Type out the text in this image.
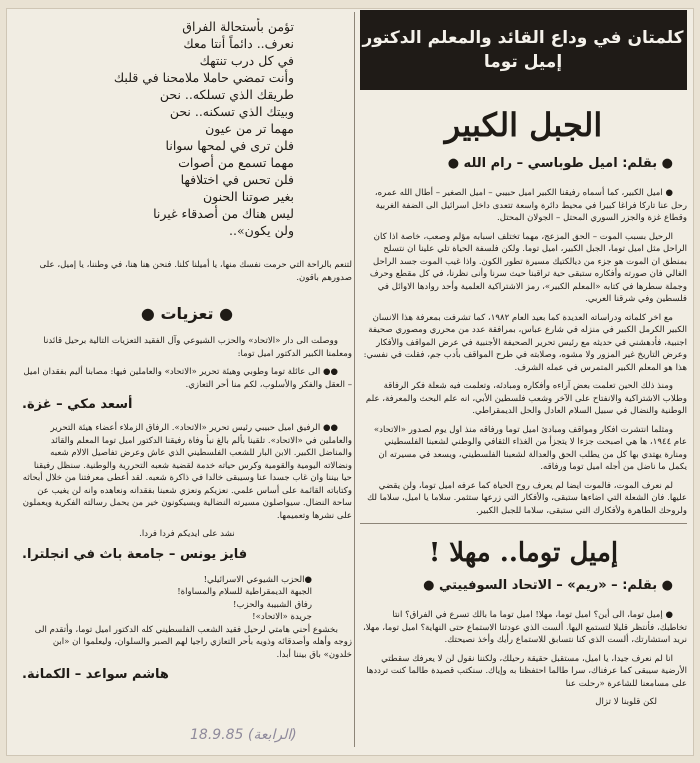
تؤمن بأستحالة الفراق
نعرف.. دائماً أنتا معك
في كل درب تنتهك
وأنت تمضي حاملا ملامحنا في قلبك
طريقك الذي تسلكه.. نحن
وبيتك الذي تسكنه.. نحن
مهما تر من عيون
فلن ترى في لمحها سوانا
مهما تسمع من أصوات
فلن تحس في اختلافها
بغير صوتنا الحنون
ليس هناك من أصدقاء غيرنا
ولن يكون»..

لتنعم بالراحة التي حرمت نفسك منها، يا أميلنا كلنا. فنحن هنا هنا، في وطننا، يا إميل، على صدورهم باقون.

● تعزيات ●

ووصلت الى دار «الاتحاد» والحزب الشيوعي وآل الفقيد التعزيات التالية برحيل قائدنا ومعلمنا الكبير الدكتور اميل توما:

●● الى عائلة توما وطوبي وهيئة تحرير «الاتحاد» والعاملين فيها: مصابنا أليم بفقدان اميل – العقل والفكر والأسلوب، لكم منا أحر التعازي.

أسعد مكي – غزة.

●● الرفيق اميل حبيبي رئيس تحرير «الاتحاد». الرفاق الزملاء أعضاء هيئة التحرير والعاملين في «الاتحاد». تلقينا بألم بالغ نبأ وفاة رفيقنا الدكتور اميل توما المعلم والقائد والمناضل الكبير. الابن البار للشعب الفلسطيني الذي عاش وعرض تفاصيل الالام شعبه ونضالاته اليومية والقومية وكرس حياته خدمة لقضية شعبه التحررية والوطنية. سنظل رفيقنا حيا بيننا وان غاب جسدا عنا وسيبقى خالدا في ذاكرة شعبه. لقد أعطى معرفتنا من خلال أبحاثه وكتاباته القائمة على أساس علمي. نعزيكم ونعزي شعبنا بفقدانه ونعاهده وانه لن يغيب عن ساحة النضال. سيواصلون مسيرته النضالية ويسيكونون خير من يحمل رسالته الفكرية ويعملون على نشرها وتعميمها.

نشد على ايديكم فردا فردا.

فايز يونس – جامعة باث في انجلترا.
●الحزب الشيوعي الاسرائيلي!
الجبهة الديمقراطية للسلام والمساواة!
رفاق الشبيبة والحزب!
جريدة «الاتحاد»!

بخشوع أحني هامتي لرحيل فقيد الشعب الفلسطيني كله الدكتور اميل توما، وأتقدم الى زوجه وأهله وأصدقائه وذويه بأحر التعازي راجيا لهم الصبر والسلوان، وليعلموا ان «ابن خلدون» باق بيننا أبدا.

هاشم سواعد – الكمانة.
(الرابعة) 18.9.85
كلمتان في وداع القائد والمعلم الدكتور
إميل توما
الجبل الكبير
● بقلم: اميل طوباسي – رام الله ●

● اميل الكبير، كما أسماه رفيقنا الكبير اميل حبيبي – اميل الصغير – أطال الله عمره، رحل عنا تاركا فراغا كبيرا في محيط دائرة واسعة تتعدى داخل اسرائيل الى الضفة الغربية وقطاع غزة والجزر السوري المحتل – الجولان المحتل.

الرحيل بسبب الموت – الحق المزعج، مهما تختلف اسبابه مؤلم وصعب، خاصة اذا كان الراحل مثل اميل توما، الجبل الكبير، اميل توما. ولكن فلسفة الحياة تلي علينا ان نتسلح بمنطق ان الموت هو جزء من ديالكتيك مسيرة تطور الكون. واذا غيب الموت جسد الراحل الغالي فان صورته وأفكاره ستبقى حية تراقبنا حيث سرنا وأنى نظرنا، في كل مقطع وحرف وجملة سطرها في كتابه «المعلم الكبير»، رمز الاشتراكية العلمية وأحد روادها الاوائل في فلسطين وفي شرقنا العربي.

مع اخر كلماته ودراساته العديدة كما بعيد العام ١٩٨٢، كما تشرفت بمعرفة هذا الانسان الكبير الكرمل الكبير في منزله في شارع عباس، بمرافقة عدد من محرري ومصوري صحيفة اجنبية، فأدهشني في حديثه مع رئيس تحرير الصحيفة الأجنبية في عرض المواقف والأفكار وعرض التاريخ غير المزور ولا مشوه، وصلابته في طرح المواقف بأدب جم، فقلت في نفسي: هذا هو المعلم الكبير المتمرس في عمله الشرف.

ومنذ ذلك الحين تعلمت بعض آراءه وأفكاره ومبادئه، وتعلمت فيه شعلة فكر الرفاقة وطلاب الاشتراكية والانفتاح على الآخر وشعب فلسطين الأبي، انه علم البحث والمعرفة، علم الوطنية والنضال في سبيل السلام العادل والحل الديمقراطي.

ومثلما انتشرت افكار ومواقف ومبادئ اميل توما ورفاقه منذ اول يوم لصدور «الاتحاد» عام ١٩٤٤، ها هي اصبحت جزءا لا يتجزأ من الغذاء الثقافي والوطني لشعبنا الفلسطيني ومنارة يهتدي بها كل من يطلب الحق والعدالة لشعبنا الفلسطيني، ويسعد في مسيرته ان يكمل ما ناضل من أجله اميل توما ورفاقه.

لم نعرف الموت، فالموت ايضا لم يعرف روح الحياة كما عرفه اميل توما، ولن يقضي عليها. فان الشعلة التي اضاءها ستبقى، والأفكار التي زرعها ستثمر. سلاما يا اميل، سلاما لك ولروحك الطاهرة ولأفكارك التي ستبقى، سلاما للجبل الكبير.

إميل توما.. مهلا !
● بقلم: – «ريم» – الاتحاد السوفييتي ●

● إميل توما، الى أين؟ اميل توما، مهلا! اميل توما ما بالك تسرع في الفراق؟ انتا تخاطبك، فأنتظر قليلا لتستمع اليها. ألست الذي عودتنا الاستماع حتى النهاية؟ اميل توما، مهلا، نريد استشارتك، ألست الذي كنا نتسابق للاستماع رأيك وأخذ نصيحتك.

انا لم نعرف جيدا، يا اميل، مستقبل حقيقة رحيلك، ولكننا نقول لن لا يعرفك سقطتي الأرضية سيبقى كما عرفناك، سرا طالما احتفظنا به وإياك. سنكتب قصيدة طالما كنت ترددها على مسامعنا للشاعرة «رحلت عنا

لكن قلوبنا لا تزال
